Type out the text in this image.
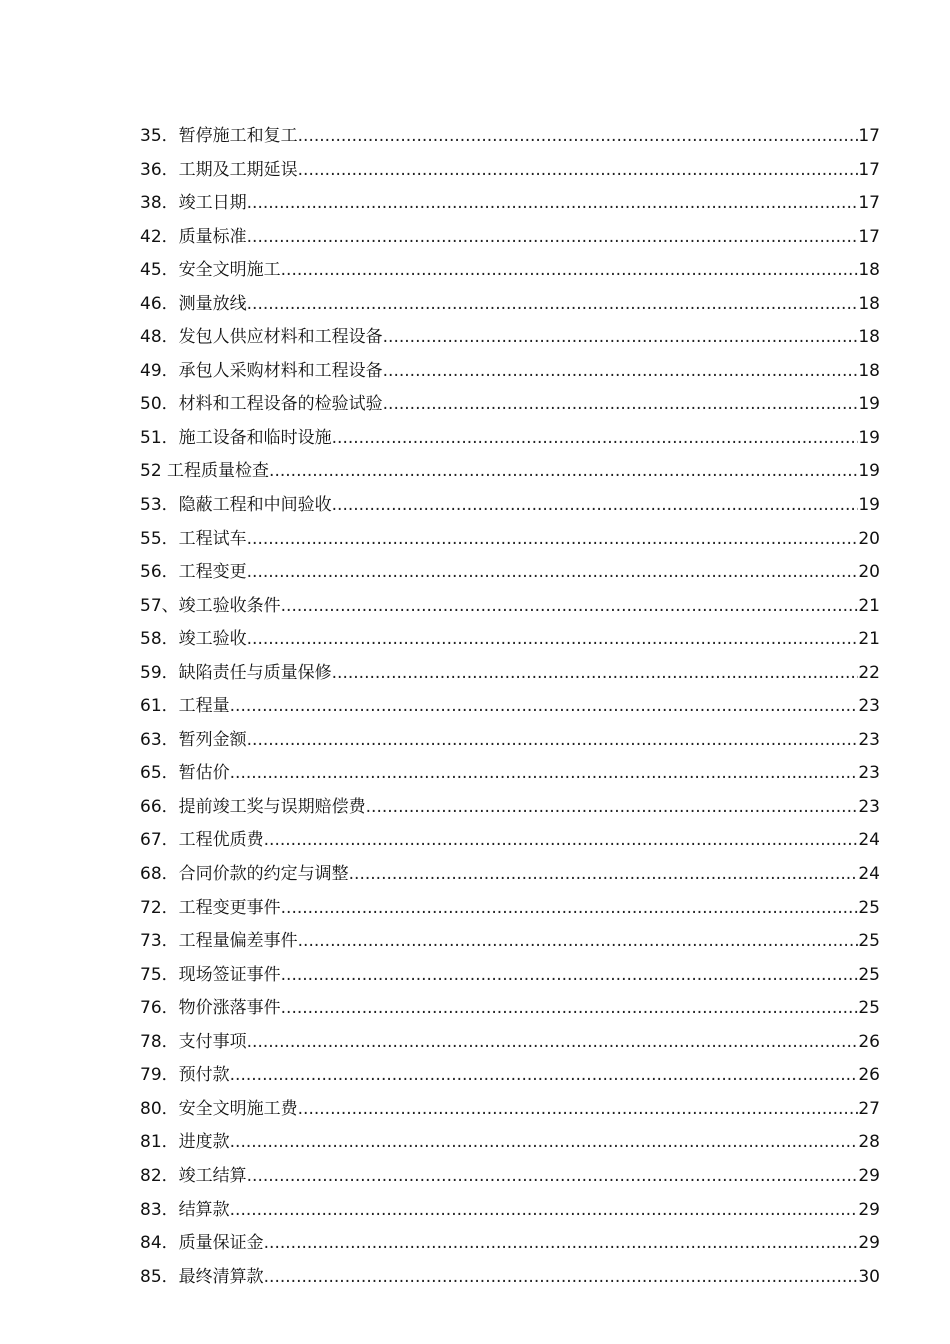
35．暂停施工和复工 .....	17
36．工期及工期延误 .....	17
38．竣工日期 .....	17
42．质量标准 .....	17
45．安全文明施工 .....	18
46．测量放线 .....	18
48．发包人供应材料和工程设备 .....	18
49．承包人采购材料和工程设备 .....	18
50．材料和工程设备的检验试验 .....	19
51．施工设备和临时设施 .....	19
52 工程质量检查 .....	19
53．隐蔽工程和中间验收 .....	19
55．工程试车 .....	20
56．工程变更 .....	20
57、竣工验收条件 .....	21
58．竣工验收 .....	21
59．缺陷责任与质量保修 .....	22
61．工程量 .....	23
63．暂列金额 .....	23
65．暂估价 .....	23
66．提前竣工奖与误期赔偿费 .....	23
67．工程优质费 .....	24
68．合同价款的约定与调整 .....	24
72．工程变更事件 .....	25
73．工程量偏差事件 .....	25
75．现场签证事件 .....	25
76．物价涨落事件 .....	25
78．支付事项 .....	26
79．预付款 .....	26
80．安全文明施工费 .....	27
81．进度款 .....	28
82．竣工结算 .....	29
83．结算款 .....	29
84．质量保证金 .....	29
85．最终清算款 .....	30
